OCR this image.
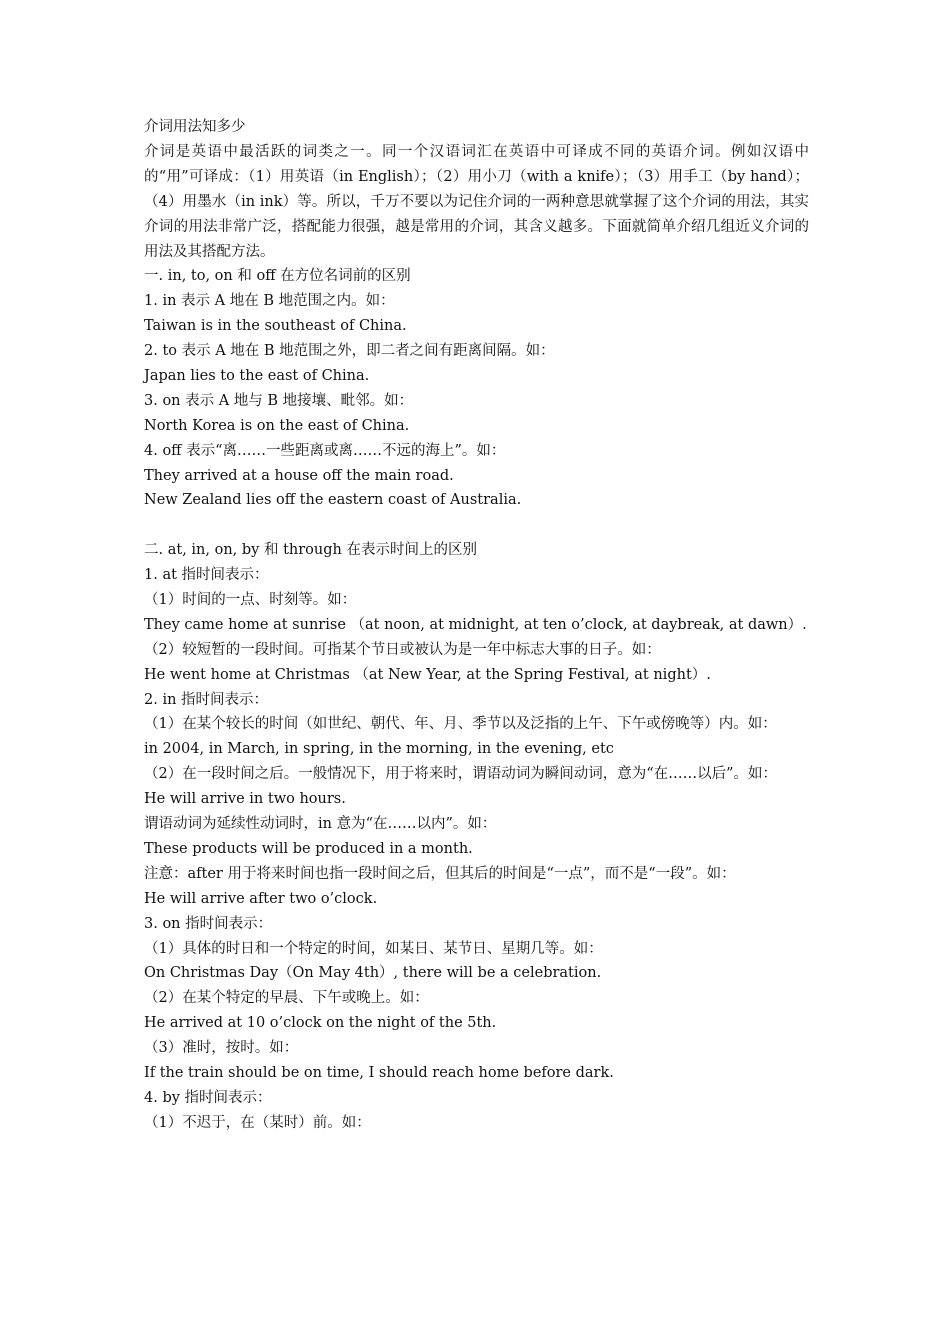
介词用法知多少
介词是英语中最活跃的词类之一。同一个汉语词汇在英语中可译成不同的英语介词。例如汉语中的“用”可译成：（1）用英语（in English）；（2）用小刀（with a knife）；（3）用手工（by hand）；（4）用墨水（in ink）等。所以，千万不要以为记住介词的一两种意思就掌握了这个介词的用法，其实介词的用法非常广泛，搭配能力很强，越是常用的介词，其含义越多。下面就简单介绍几组近义介词的用法及其搭配方法。
一. in, to, on 和 off 在方位名词前的区别
1. in 表示 A 地在 B 地范围之内。如：
Taiwan is in the southeast of China.
2. to 表示 A 地在 B 地范围之外，即二者之间有距离间隔。如：
Japan lies to the east of China.
3. on 表示 A 地与 B 地接壤、毗邻。如：
North Korea is on the east of China.
4. off 表示“离……一些距离或离……不远的海上”。如：
They arrived at a house off the main road.
New Zealand lies off the eastern coast of Australia.
二. at, in, on, by 和 through 在表示时间上的区别
1. at 指时间表示：
（1）时间的一点、时刻等。如：
They came home at sunrise （at noon, at midnight, at ten o’clock, at daybreak, at dawn）.
（2）较短暂的一段时间。可指某个节日或被认为是一年中标志大事的日子。如：
He went home at Christmas （at New Year, at the Spring Festival, at night）.
2. in 指时间表示：
（1）在某个较长的时间（如世纪、朝代、年、月、季节以及泛指的上午、下午或傍晚等）内。如：
in 2004, in March, in spring, in the morning, in the evening, etc
（2）在一段时间之后。一般情况下，用于将来时，谓语动词为瞬间动词，意为“在……以后”。如：
He will arrive in two hours.
谓语动词为延续性动词时，in 意为“在……以内”。如：
These products will be produced in a month.
注意：after 用于将来时间也指一段时间之后，但其后的时间是“一点”，而不是“一段”。如：
He will arrive after two o’clock.
3. on 指时间表示：
（1）具体的时日和一个特定的时间，如某日、某节日、星期几等。如：
On Christmas Day（On May 4th）, there will be a celebration.
（2）在某个特定的早晨、下午或晚上。如：
He arrived at 10 o’clock on the night of the 5th.
（3）准时，按时。如：
If the train should be on time, I should reach home before dark.
4. by 指时间表示：
（1）不迟于，在（某时）前。如：
